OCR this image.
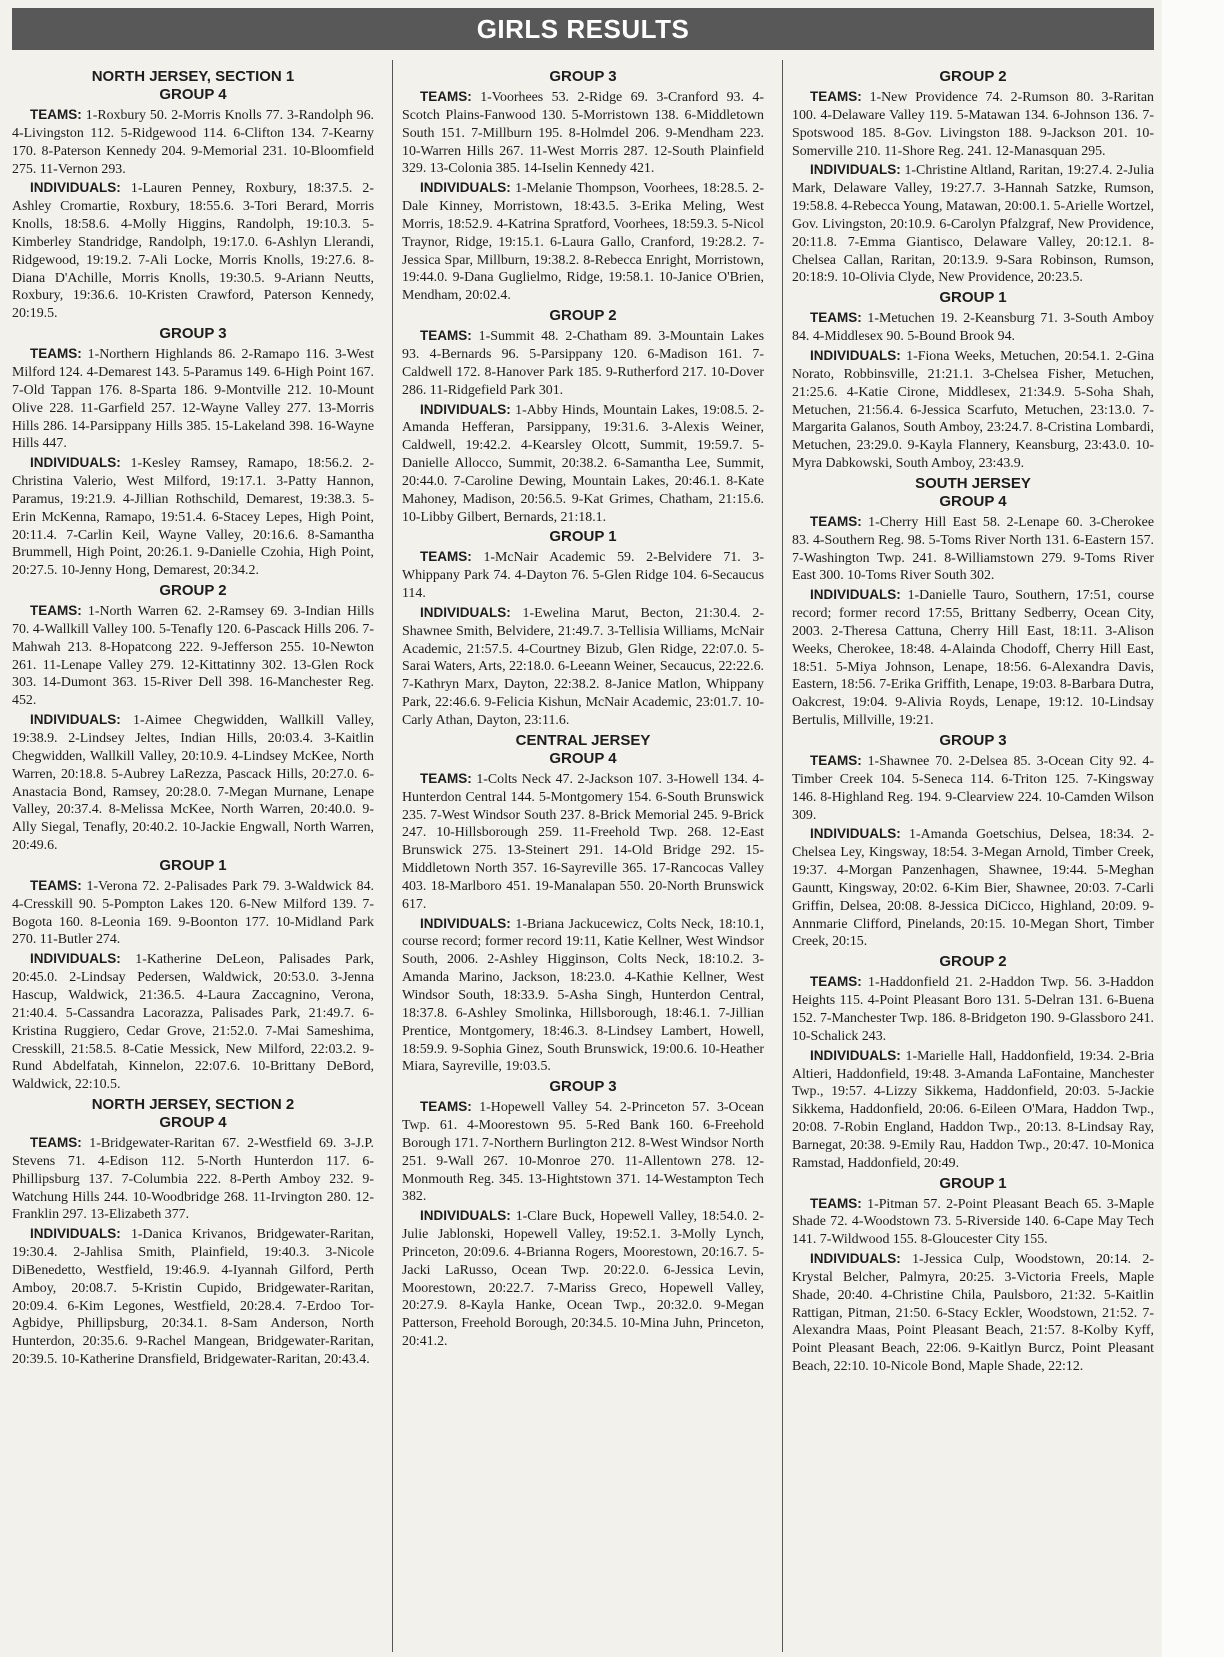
GIRLS RESULTS
NORTH JERSEY, SECTION 1
GROUP 4

TEAMS: 1-Roxbury 50. 2-Morris Knolls 77. 3-Randolph 96. 4-Livingston 112. 5-Ridgewood 114. 6-Clifton 134. 7-Kearny 170. 8-Paterson Kennedy 204. 9-Memorial 231. 10-Bloomfield 275. 11-Vernon 293.

INDIVIDUALS: 1-Lauren Penney, Roxbury, 18:37.5. 2-Ashley Cromartie, Roxbury, 18:55.6. 3-Tori Berard, Morris Knolls, 18:58.6. 4-Molly Higgins, Randolph, 19:10.3. 5-Kimberley Standridge, Randolph, 19:17.0. 6-Ashlyn Llerandi, Ridgewood, 19:19.2. 7-Ali Locke, Morris Knolls, 19:27.6. 8-Diana D'Achille, Morris Knolls, 19:30.5. 9-Ariann Neutts, Roxbury, 19:36.6. 10-Kristen Crawford, Paterson Kennedy, 20:19.5.

GROUP 3

TEAMS: 1-Northern Highlands 86. 2-Ramapo 116. 3-West Milford 124. 4-Demarest 143. 5-Paramus 149. 6-High Point 167. 7-Old Tappan 176. 8-Sparta 186. 9-Montville 212. 10-Mount Olive 228. 11-Garfield 257. 12-Wayne Valley 277. 13-Morris Hills 286. 14-Parsippany Hills 385. 15-Lakeland 398. 16-Wayne Hills 447.

INDIVIDUALS: 1-Kesley Ramsey, Ramapo, 18:56.2. 2-Christina Valerio, West Milford, 19:17.1. 3-Patty Hannon, Paramus, 19:21.9. 4-Jillian Rothschild, Demarest, 19:38.3. 5-Erin McKenna, Ramapo, 19:51.4. 6-Stacey Lepes, High Point, 20:11.4. 7-Carlin Keil, Wayne Valley, 20:16.6. 8-Samantha Brummell, High Point, 20:26.1. 9-Danielle Czohia, High Point, 20:27.5. 10-Jenny Hong, Demarest, 20:34.2.

GROUP 2

TEAMS: 1-North Warren 62. 2-Ramsey 69. 3-Indian Hills 70. 4-Wallkill Valley 100. 5-Tenafly 120. 6-Pascack Hills 206. 7-Mahwah 213. 8-Hopatcong 222. 9-Jefferson 255. 10-Newton 261. 11-Lenape Valley 279. 12-Kittatinny 302. 13-Glen Rock 303. 14-Dumont 363. 15-River Dell 398. 16-Manchester Reg. 452.

INDIVIDUALS: 1-Aimee Chegwidden, Wallkill Valley, 19:38.9. 2-Lindsey Jeltes, Indian Hills, 20:03.4. 3-Kaitlin Chegwidden, Wallkill Valley, 20:10.9. 4-Lindsey McKee, North Warren, 20:18.8. 5-Aubrey LaRezza, Pascack Hills, 20:27.0. 6-Anastacia Bond, Ramsey, 20:28.0. 7-Megan Murnane, Lenape Valley, 20:37.4. 8-Melissa McKee, North Warren, 20:40.0. 9-Ally Siegal, Tenafly, 20:40.2. 10-Jackie Engwall, North Warren, 20:49.6.

GROUP 1

TEAMS: 1-Verona 72. 2-Palisades Park 79. 3-Waldwick 84. 4-Cresskill 90. 5-Pompton Lakes 120. 6-New Milford 139. 7-Bogota 160. 8-Leonia 169. 9-Boonton 177. 10-Midland Park 270. 11-Butler 274.

INDIVIDUALS: 1-Katherine DeLeon, Palisades Park, 20:45.0. 2-Lindsay Pedersen, Waldwick, 20:53.0. 3-Jenna Hascup, Waldwick, 21:36.5. 4-Laura Zaccagnino, Verona, 21:40.4. 5-Cassandra Lacorazza, Palisades Park, 21:49.7. 6-Kristina Ruggiero, Cedar Grove, 21:52.0. 7-Mai Sameshima, Cresskill, 21:58.5. 8-Catie Messick, New Milford, 22:03.2. 9-Rund Abdelfatah, Kinnelon, 22:07.6. 10-Brittany DeBord, Waldwick, 22:10.5.

NORTH JERSEY, SECTION 2
GROUP 4

TEAMS: 1-Bridgewater-Raritan 67. 2-Westfield 69. 3-J.P. Stevens 71. 4-Edison 112. 5-North Hunterdon 117. 6-Phillipsburg 137. 7-Columbia 222. 8-Perth Amboy 232. 9-Watchung Hills 244. 10-Woodbridge 268. 11-Irvington 280. 12-Franklin 297. 13-Elizabeth 377.

INDIVIDUALS: 1-Danica Krivanos, Bridgewater-Raritan, 19:30.4. 2-Jahlisa Smith, Plainfield, 19:40.3. 3-Nicole DiBenedetto, Westfield, 19:46.9. 4-Iyannah Gilford, Perth Amboy, 20:08.7. 5-Kristin Cupido, Bridgewater-Raritan, 20:09.4. 6-Kim Legones, Westfield, 20:28.4. 7-Erdoo Tor-Agbidye, Phillipsburg, 20:34.1. 8-Sam Anderson, North Hunterdon, 20:35.6. 9-Rachel Mangean, Bridgewater-Raritan, 20:39.5. 10-Katherine Dransfield, Bridgewater-Raritan, 20:43.4.

GROUP 3

TEAMS: 1-Voorhees 53. 2-Ridge 69. 3-Cranford 93. 4-Scotch Plains-Fanwood 130. 5-Morristown 138. 6-Middletown South 151. 7-Millburn 195. 8-Holmdel 206. 9-Mendham 223. 10-Warren Hills 267. 11-West Morris 287. 12-South Plainfield 329. 13-Colonia 385. 14-Iselin Kennedy 421.

INDIVIDUALS: 1-Melanie Thompson, Voorhees, 18:28.5. 2-Dale Kinney, Morristown, 18:43.5. 3-Erika Meling, West Morris, 18:52.9. 4-Katrina Spratford, Voorhees, 18:59.3. 5-Nicol Traynor, Ridge, 19:15.1. 6-Laura Gallo, Cranford, 19:28.2. 7-Jessica Spar, Millburn, 19:38.2. 8-Rebecca Enright, Morristown, 19:44.0. 9-Dana Guglielmo, Ridge, 19:58.1. 10-Janice O'Brien, Mendham, 20:02.4.

GROUP 2

TEAMS: 1-Summit 48. 2-Chatham 89. 3-Mountain Lakes 93. 4-Bernards 96. 5-Parsippany 120. 6-Madison 161. 7-Caldwell 172. 8-Hanover Park 185. 9-Rutherford 217. 10-Dover 286. 11-Ridgefield Park 301.

INDIVIDUALS: 1-Abby Hinds, Mountain Lakes, 19:08.5. 2-Amanda Hefferan, Parsippany, 19:31.6. 3-Alexis Weiner, Caldwell, 19:42.2. 4-Kearsley Olcott, Summit, 19:59.7. 5-Danielle Allocco, Summit, 20:38.2. 6-Samantha Lee, Summit, 20:44.0. 7-Caroline Dewing, Mountain Lakes, 20:46.1. 8-Kate Mahoney, Madison, 20:56.5. 9-Kat Grimes, Chatham, 21:15.6. 10-Libby Gilbert, Bernards, 21:18.1.

GROUP 1

TEAMS: 1-McNair Academic 59. 2-Belvidere 71. 3-Whippany Park 74. 4-Dayton 76. 5-Glen Ridge 104. 6-Secaucus 114.

INDIVIDUALS: 1-Ewelina Marut, Becton, 21:30.4. 2-Shawnee Smith, Belvidere, 21:49.7. 3-Tellisia Williams, McNair Academic, 21:57.5. 4-Courtney Bizub, Glen Ridge, 22:07.0. 5-Sarai Waters, Arts, 22:18.0. 6-Leeann Weiner, Secaucus, 22:22.6. 7-Kathryn Marx, Dayton, 22:38.2. 8-Janice Matlon, Whippany Park, 22:46.6. 9-Felicia Kishun, McNair Academic, 23:01.7. 10-Carly Athan, Dayton, 23:11.6.

CENTRAL JERSEY
GROUP 4

TEAMS: 1-Colts Neck 47. 2-Jackson 107. 3-Howell 134. 4-Hunterdon Central 144. 5-Montgomery 154. 6-South Brunswick 235. 7-West Windsor South 237. 8-Brick Memorial 245. 9-Brick 247. 10-Hillsborough 259. 11-Freehold Twp. 268. 12-East Brunswick 275. 13-Steinert 291. 14-Old Bridge 292. 15-Middletown North 357. 16-Sayreville 365. 17-Rancocas Valley 403. 18-Marlboro 451. 19-Manalapan 550. 20-North Brunswick 617.

INDIVIDUALS: 1-Briana Jackucewicz, Colts Neck, 18:10.1, course record; former record 19:11, Katie Kellner, West Windsor South, 2006. 2-Ashley Higginson, Colts Neck, 18:10.2. 3-Amanda Marino, Jackson, 18:23.0. 4-Kathie Kellner, West Windsor South, 18:33.9. 5-Asha Singh, Hunterdon Central, 18:37.8. 6-Ashley Smolinka, Hillsborough, 18:46.1. 7-Jillian Prentice, Montgomery, 18:46.3. 8-Lindsey Lambert, Howell, 18:59.9. 9-Sophia Ginez, South Brunswick, 19:00.6. 10-Heather Miara, Sayreville, 19:03.5.

GROUP 3

TEAMS: 1-Hopewell Valley 54. 2-Princeton 57. 3-Ocean Twp. 61. 4-Moorestown 95. 5-Red Bank 160. 6-Freehold Borough 171. 7-Northern Burlington 212. 8-West Windsor North 251. 9-Wall 267. 10-Monroe 270. 11-Allentown 278. 12-Monmouth Reg. 345. 13-Hightstown 371. 14-Westampton Tech 382.

INDIVIDUALS: 1-Clare Buck, Hopewell Valley, 18:54.0. 2-Julie Jablonski, Hopewell Valley, 19:52.1. 3-Molly Lynch, Princeton, 20:09.6. 4-Brianna Rogers, Moorestown, 20:16.7. 5-Jacki LaRusso, Ocean Twp. 20:22.0. 6-Jessica Levin, Moorestown, 20:22.7. 7-Mariss Greco, Hopewell Valley, 20:27.9. 8-Kayla Hanke, Ocean Twp., 20:32.0. 9-Megan Patterson, Freehold Borough, 20:34.5. 10-Mina Juhn, Princeton, 20:41.2.

GROUP 2

TEAMS: 1-New Providence 74. 2-Rumson 80. 3-Raritan 100. 4-Delaware Valley 119. 5-Matawan 134. 6-Johnson 136. 7-Spotswood 185. 8-Gov. Livingston 188. 9-Jackson 201. 10-Somerville 210. 11-Shore Reg. 241. 12-Manasquan 295.

INDIVIDUALS: 1-Christine Altland, Raritan, 19:27.4. 2-Julia Mark, Delaware Valley, 19:27.7. 3-Hannah Satzke, Rumson, 19:58.8. 4-Rebecca Young, Matawan, 20:00.1. 5-Arielle Wortzel, Gov. Livingston, 20:10.9. 6-Carolyn Pfalzgraf, New Providence, 20:11.8. 7-Emma Giantisco, Delaware Valley, 20:12.1. 8-Chelsea Callan, Raritan, 20:13.9. 9-Sara Robinson, Rumson, 20:18:9. 10-Olivia Clyde, New Providence, 20:23.5.

GROUP 1

TEAMS: 1-Metuchen 19. 2-Keansburg 71. 3-South Amboy 84. 4-Middlesex 90. 5-Bound Brook 94.

INDIVIDUALS: 1-Fiona Weeks, Metuchen, 20:54.1. 2-Gina Norato, Robbinsville, 21:21.1. 3-Chelsea Fisher, Metuchen, 21:25.6. 4-Katie Cirone, Middlesex, 21:34.9. 5-Soha Shah, Metuchen, 21:56.4. 6-Jessica Scarfuto, Metuchen, 23:13.0. 7-Margarita Galanos, South Amboy, 23:24.7. 8-Cristina Lombardi, Metuchen, 23:29.0. 9-Kayla Flannery, Keansburg, 23:43.0. 10-Myra Dabkowski, South Amboy, 23:43.9.

SOUTH JERSEY
GROUP 4

TEAMS: 1-Cherry Hill East 58. 2-Lenape 60. 3-Cherokee 83. 4-Southern Reg. 98. 5-Toms River North 131. 6-Eastern 157. 7-Washington Twp. 241. 8-Williamstown 279. 9-Toms River East 300. 10-Toms River South 302.

INDIVIDUALS: 1-Danielle Tauro, Southern, 17:51, course record; former record 17:55, Brittany Sedberry, Ocean City, 2003. 2-Theresa Cattuna, Cherry Hill East, 18:11. 3-Alison Weeks, Cherokee, 18:48. 4-Alainda Chodoff, Cherry Hill East, 18:51. 5-Miya Johnson, Lenape, 18:56. 6-Alexandra Davis, Eastern, 18:56. 7-Erika Griffith, Lenape, 19:03. 8-Barbara Dutra, Oakcrest, 19:04. 9-Alivia Royds, Lenape, 19:12. 10-Lindsay Bertulis, Millville, 19:21.

GROUP 3

TEAMS: 1-Shawnee 70. 2-Delsea 85. 3-Ocean City 92. 4-Timber Creek 104. 5-Seneca 114. 6-Triton 125. 7-Kingsway 146. 8-Highland Reg. 194. 9-Clearview 224. 10-Camden Wilson 309.

INDIVIDUALS: 1-Amanda Goetschius, Delsea, 18:34. 2-Chelsea Ley, Kingsway, 18:54. 3-Megan Arnold, Timber Creek, 19:37. 4-Morgan Panzenhagen, Shawnee, 19:44. 5-Meghan Gauntt, Kingsway, 20:02. 6-Kim Bier, Shawnee, 20:03. 7-Carli Griffin, Delsea, 20:08. 8-Jessica DiCicco, Highland, 20:09. 9-Annmarie Clifford, Pinelands, 20:15. 10-Megan Short, Timber Creek, 20:15.

GROUP 2

TEAMS: 1-Haddonfield 21. 2-Haddon Twp. 56. 3-Haddon Heights 115. 4-Point Pleasant Boro 131. 5-Delran 131. 6-Buena 152. 7-Manchester Twp. 186. 8-Bridgeton 190. 9-Glassboro 241. 10-Schalick 243.

INDIVIDUALS: 1-Marielle Hall, Haddonfield, 19:34. 2-Bria Altieri, Haddonfield, 19:48. 3-Amanda LaFontaine, Manchester Twp., 19:57. 4-Lizzy Sikkema, Haddonfield, 20:03. 5-Jackie Sikkema, Haddonfield, 20:06. 6-Eileen O'Mara, Haddon Twp., 20:08. 7-Robin England, Haddon Twp., 20:13. 8-Lindsay Ray, Barnegat, 20:38. 9-Emily Rau, Haddon Twp., 20:47. 10-Monica Ramstad, Haddonfield, 20:49.

GROUP 1

TEAMS: 1-Pitman 57. 2-Point Pleasant Beach 65. 3-Maple Shade 72. 4-Woodstown 73. 5-Riverside 140. 6-Cape May Tech 141. 7-Wildwood 155. 8-Gloucester City 155.

INDIVIDUALS: 1-Jessica Culp, Woodstown, 20:14. 2-Krystal Belcher, Palmyra, 20:25. 3-Victoria Freels, Maple Shade, 20:40. 4-Christine Chila, Paulsboro, 21:32. 5-Kaitlin Rattigan, Pitman, 21:50. 6-Stacy Eckler, Woodstown, 21:52. 7-Alexandra Maas, Point Pleasant Beach, 21:57. 8-Kolby Kyff, Point Pleasant Beach, 22:06. 9-Kaitlyn Burcz, Point Pleasant Beach, 22:10. 10-Nicole Bond, Maple Shade, 22:12.
